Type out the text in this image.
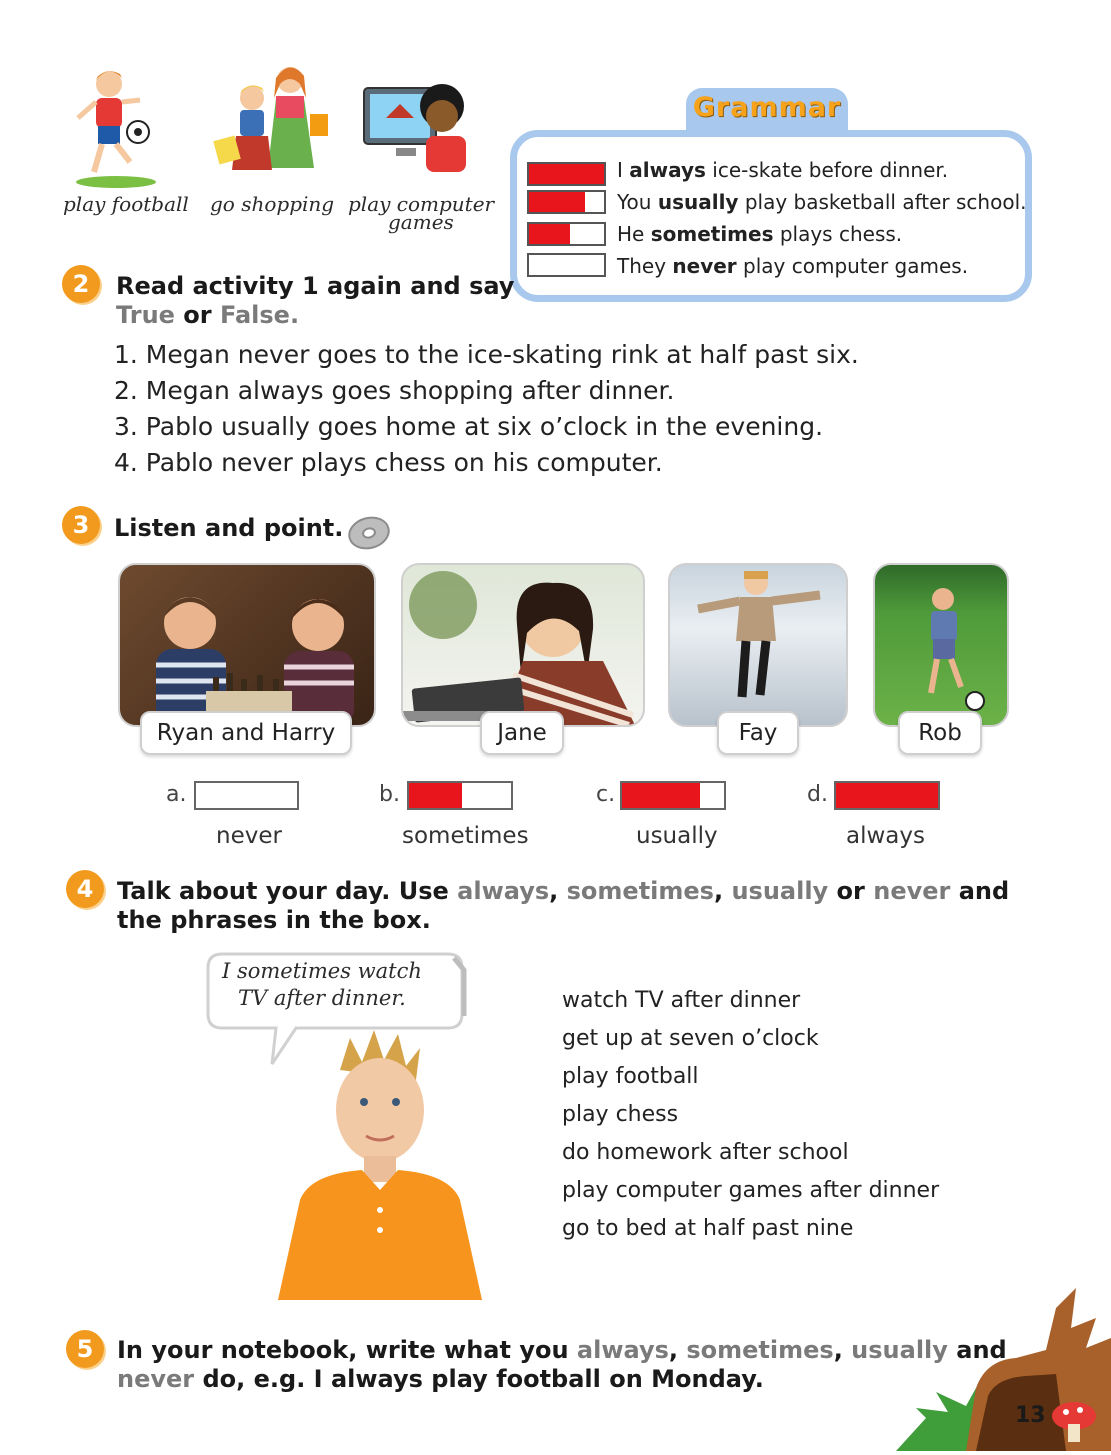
play football go shopping play computer
games
Grammar
I always ice-skate before dinner.
You usually play basketball after school.
He sometimes plays chess.
They never play computer games.
2	Read activity 1 again and say
True or False.
1. Megan never goes to the ice-skating rink at half past six.
2. Megan always goes shopping after dinner.
3. Pablo usually goes home at six o’clock in the evening.
4. Pablo never plays chess on his computer.
3	Listen and point.
Ryan and Harry	Jane	Fay	Rob
a.
never
b.
sometimes
c.
usually
d.
always
4 Talk about your day. Use always, sometimes, usually or never and
the phrases in the box.
I sometimes watch
TV after dinner.	watch TV after dinner
get up at seven o’clock
play football
play chess
do homework after school
play computer games after dinner
go to bed at half past nine
5 In your notebook, write what you always, sometimes, usually and
never do, e.g. I always play football on Monday.
13
